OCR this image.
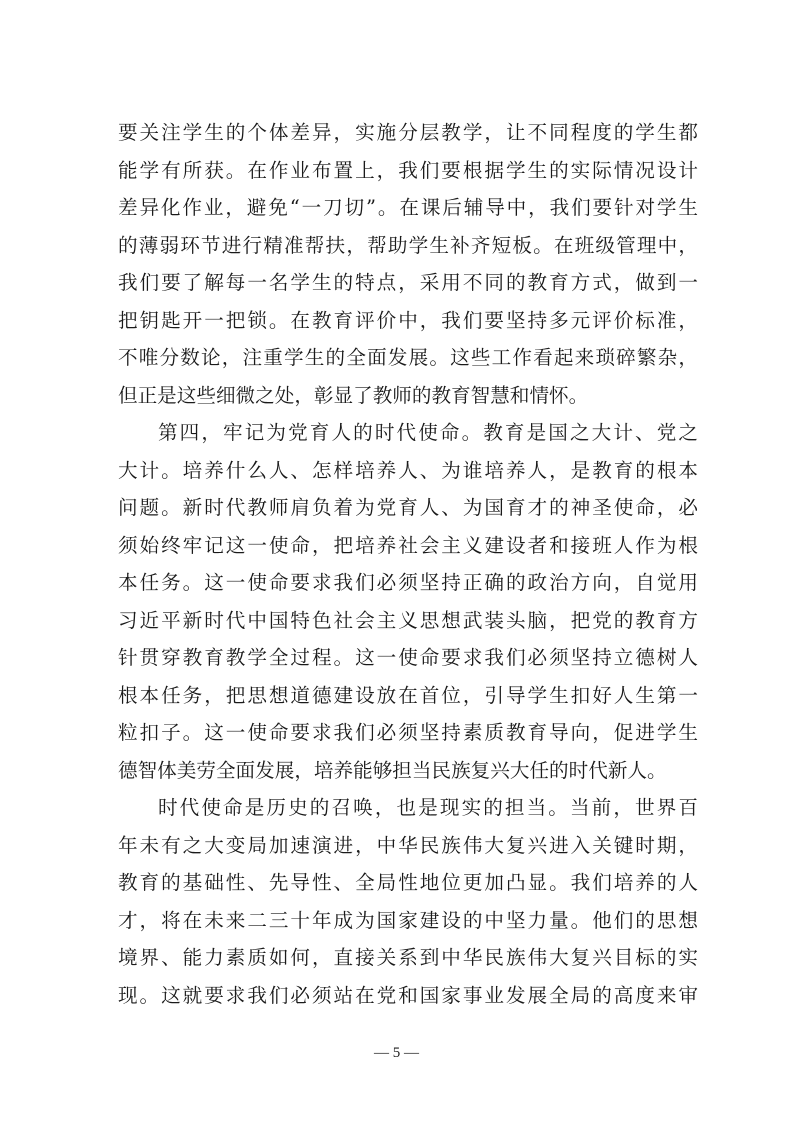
要关注学生的个体差异，实施分层教学，让不同程度的学生都
能学有所获。在作业布置上，我们要根据学生的实际情况设计
差异化作业，避免“一刀切”。在课后辅导中，我们要针对学生
的薄弱环节进行精准帮扶，帮助学生补齐短板。在班级管理中，
我们要了解每一名学生的特点，采用不同的教育方式，做到一
把钥匙开一把锁。在教育评价中，我们要坚持多元评价标准，
不唯分数论，注重学生的全面发展。这些工作看起来琐碎繁杂，
但正是这些细微之处，彰显了教师的教育智慧和情怀。
第四，牢记为党育人的时代使命。教育是国之大计、党之
大计。培养什么人、怎样培养人、为谁培养人，是教育的根本
问题。新时代教师肩负着为党育人、为国育才的神圣使命，必
须始终牢记这一使命，把培养社会主义建设者和接班人作为根
本任务。这一使命要求我们必须坚持正确的政治方向，自觉用
习近平新时代中国特色社会主义思想武装头脑，把党的教育方
针贯穿教育教学全过程。这一使命要求我们必须坚持立德树人
根本任务，把思想道德建设放在首位，引导学生扣好人生第一
粒扣子。这一使命要求我们必须坚持素质教育导向，促进学生
德智体美劳全面发展，培养能够担当民族复兴大任的时代新人。
时代使命是历史的召唤，也是现实的担当。当前，世界百
年未有之大变局加速演进，中华民族伟大复兴进入关键时期，
教育的基础性、先导性、全局性地位更加凸显。我们培养的人
才，将在未来二三十年成为国家建设的中坚力量。他们的思想
境界、能力素质如何，直接关系到中华民族伟大复兴目标的实
现。这就要求我们必须站在党和国家事业发展全局的高度来审
— 5 —
